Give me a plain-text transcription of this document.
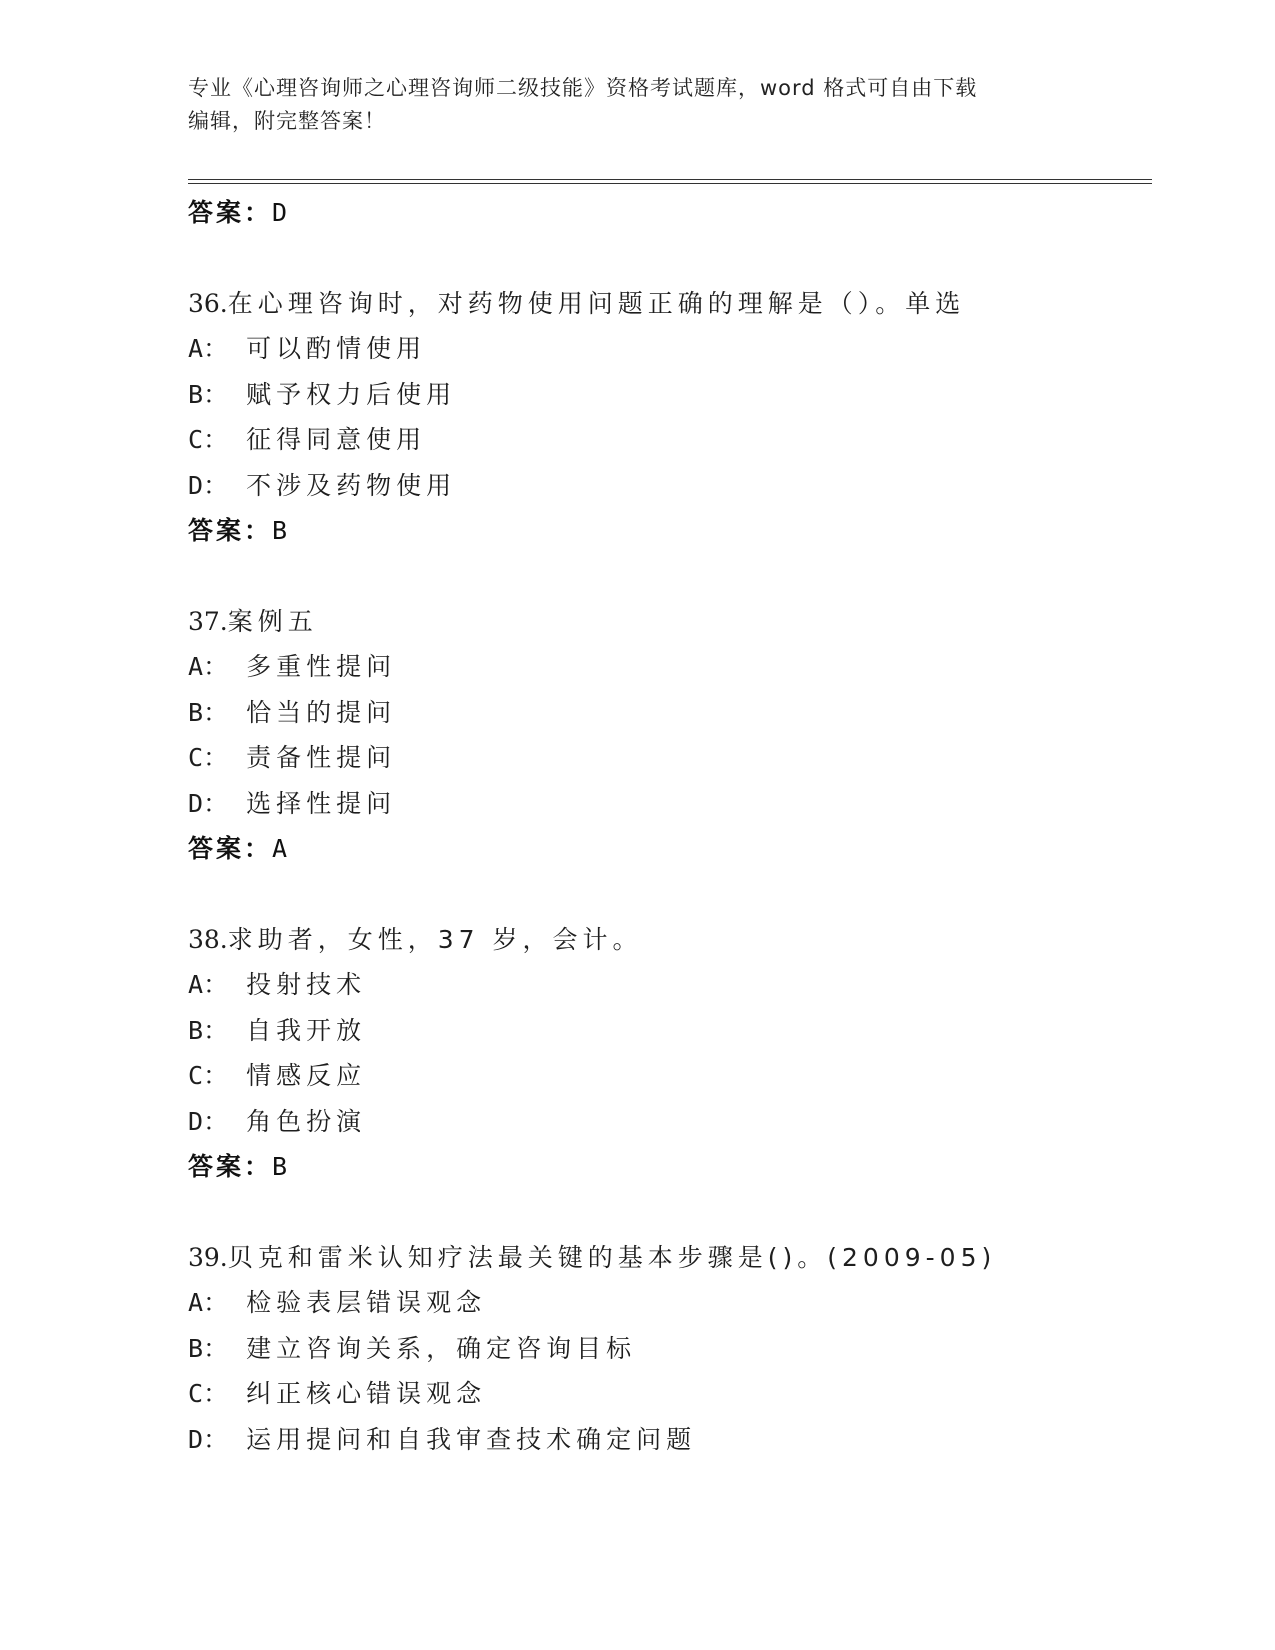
专业《心理咨询师之心理咨询师二级技能》资格考试题库，word 格式可自由下载
编辑，附完整答案！
答案：D
36.在心理咨询时，对药物使用问题正确的理解是（）。单选
A： 可以酌情使用
B： 赋予权力后使用
C： 征得同意使用
D： 不涉及药物使用
答案：B
37.案例五
A： 多重性提问
B： 恰当的提问
C： 责备性提问
D： 选择性提问
答案：A
38.求助者，女性，37 岁，会计。
A： 投射技术
B： 自我开放
C： 情感反应
D： 角色扮演
答案：B
39.贝克和雷米认知疗法最关键的基本步骤是()。(2009-05)
A： 检验表层错误观念
B： 建立咨询关系，确定咨询目标
C： 纠正核心错误观念
D： 运用提问和自我审查技术确定问题
